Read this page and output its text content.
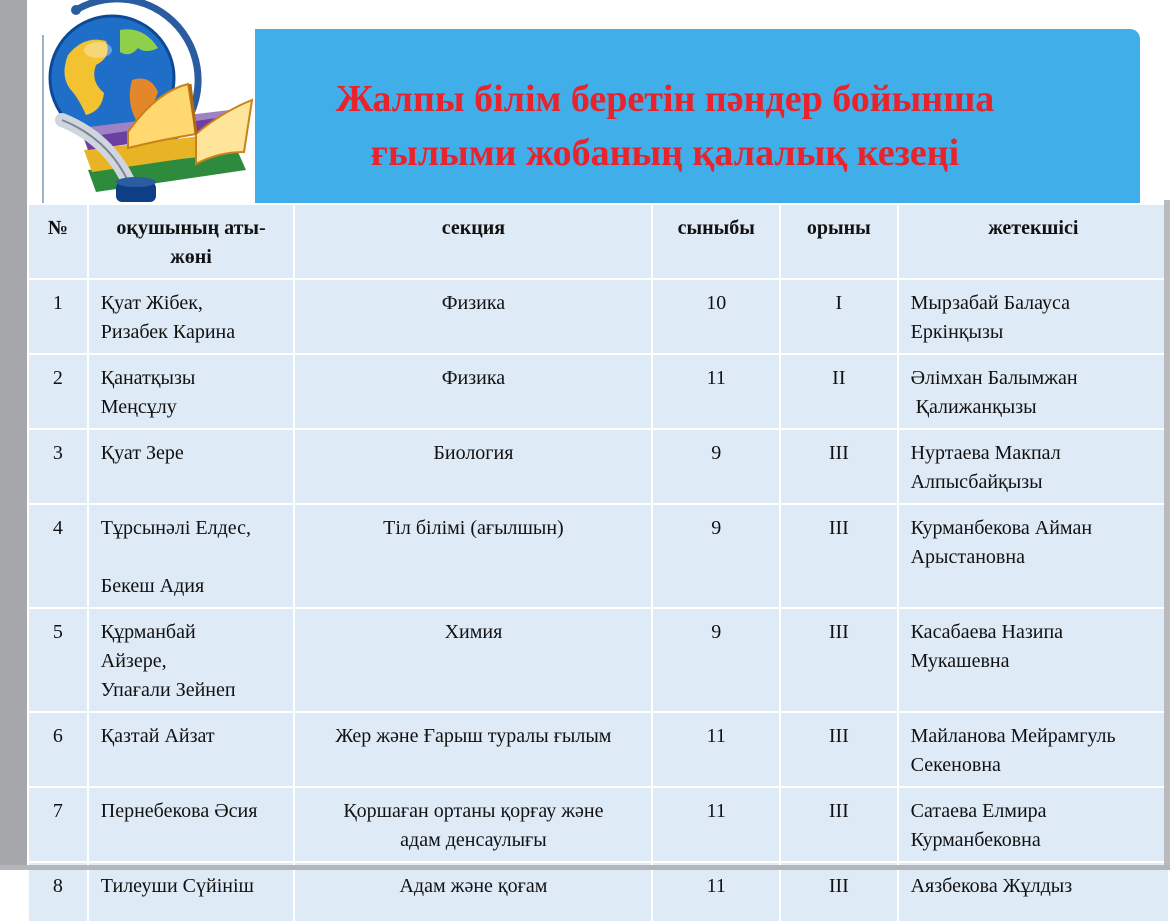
Жалпы білім беретін пәндер бойынша
ғылыми жобаның қалалық кезеңі
№	оқушының аты-
жөні	секция	сыныбы	орыны	жетекшісі
1	Қуат Жібек,
Ризабек Карина	Физика	10	I	Мырзабай Балауса
Еркінқызы

2	Қанатқызы
Меңсұлу	Физика	11	II	Әлімхан Балымжан
Қалижанқызы

3	Қуат Зере	Биология	9	III	Нуртаева Макпал
Алпысбайқызы

4	Тұрсынәлі Елдес,
Бекеш Адия	Тіл білімі (ағылшын)	9	III	Курманбекова Айман
Арыстановна

5	Құрманбай
Айзере,
Упағали Зейнеп	Химия	9	III	Касабаева Назипа
Мукашевна

6	Қазтай Айзат	Жер және Ғарыш туралы ғылым	11	III	Майланова Мейрамгуль
Секеновна

7	Пернебекова Әсия	Қоршаған ортаны қорғау және
адам денсаулығы	11	III	Сатаева Елмира
Курманбековна

8	Тилеуши Сүйініш	Адам және қоғам	11	III	Аязбекова Жұлдыз
